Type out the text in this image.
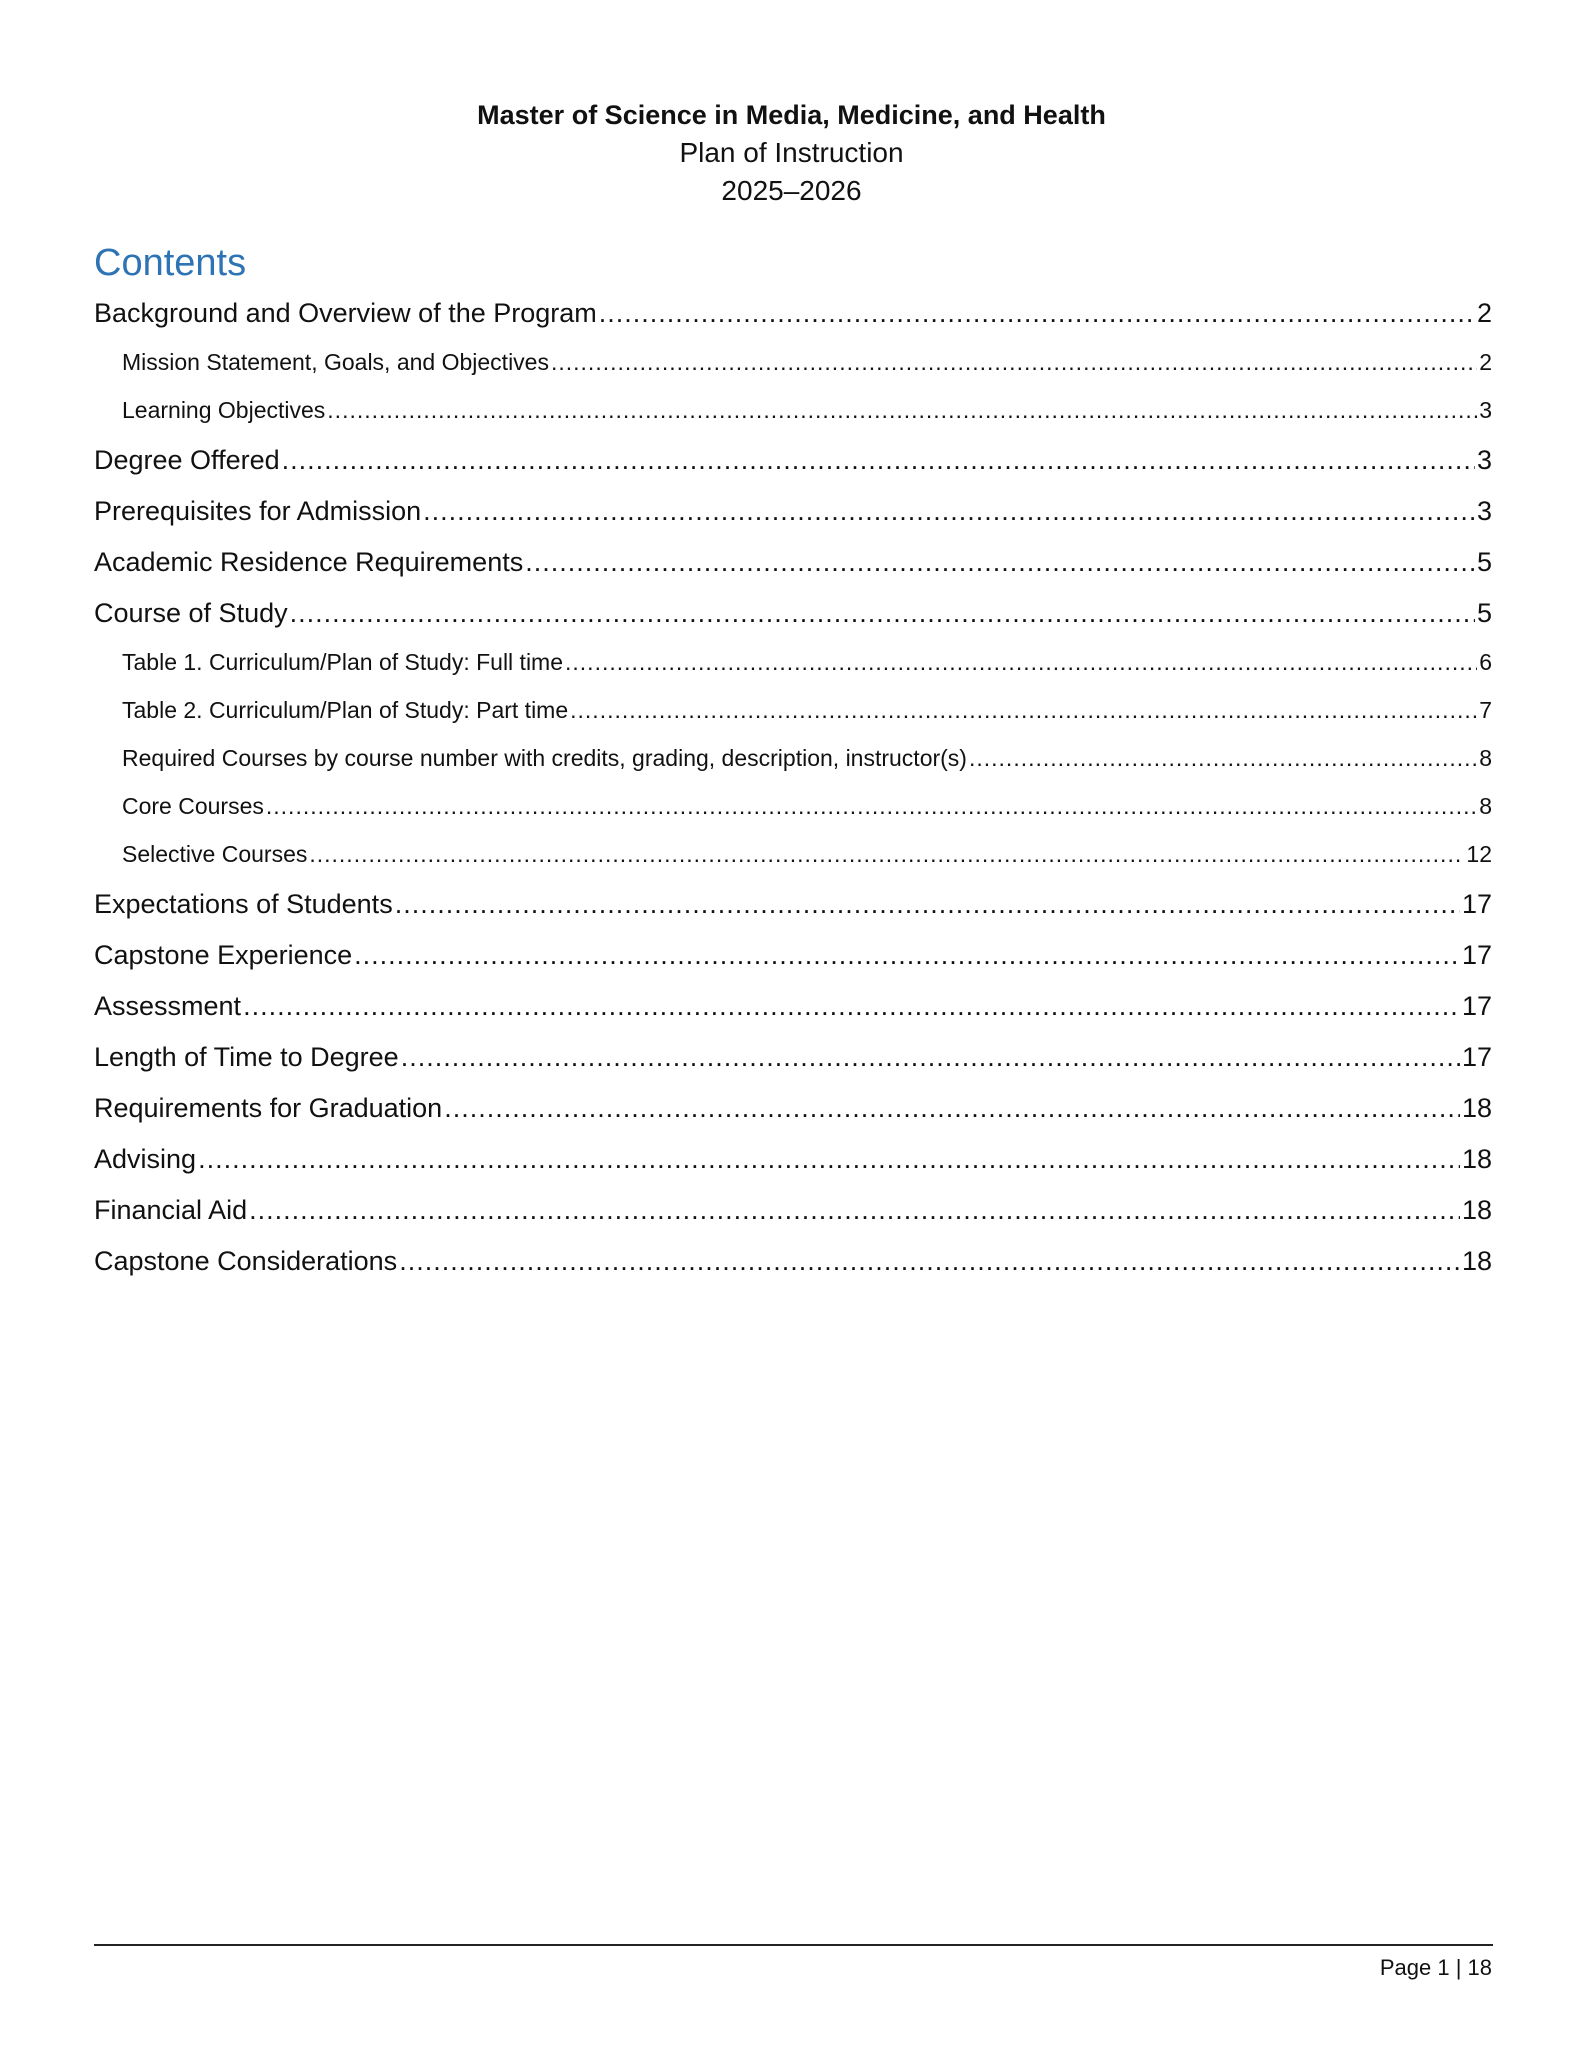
Master of Science in Media, Medicine, and Health

Plan of Instruction

2025–2026

Contents
Background and Overview of the Program .....	2
Mission Statement, Goals, and Objectives .....	2
Learning Objectives .....	3
Degree Offered .....	3
Prerequisites for Admission .....	3
Academic Residence Requirements .....	5
Course of Study .....	5
Table 1. Curriculum/Plan of Study: Full time .....	6
Table 2. Curriculum/Plan of Study: Part time .....	7
Required Courses by course number with credits, grading, description, instructor(s) .....	8
Core Courses .....	8
Selective Courses .....	12
Expectations of Students .....	17
Capstone Experience .....	17
Assessment .....	17
Length of Time to Degree .....	17
Requirements for Graduation .....	18
Advising .....	18
Financial Aid .....	18
Capstone Considerations .....	18
Page 1 | 18
